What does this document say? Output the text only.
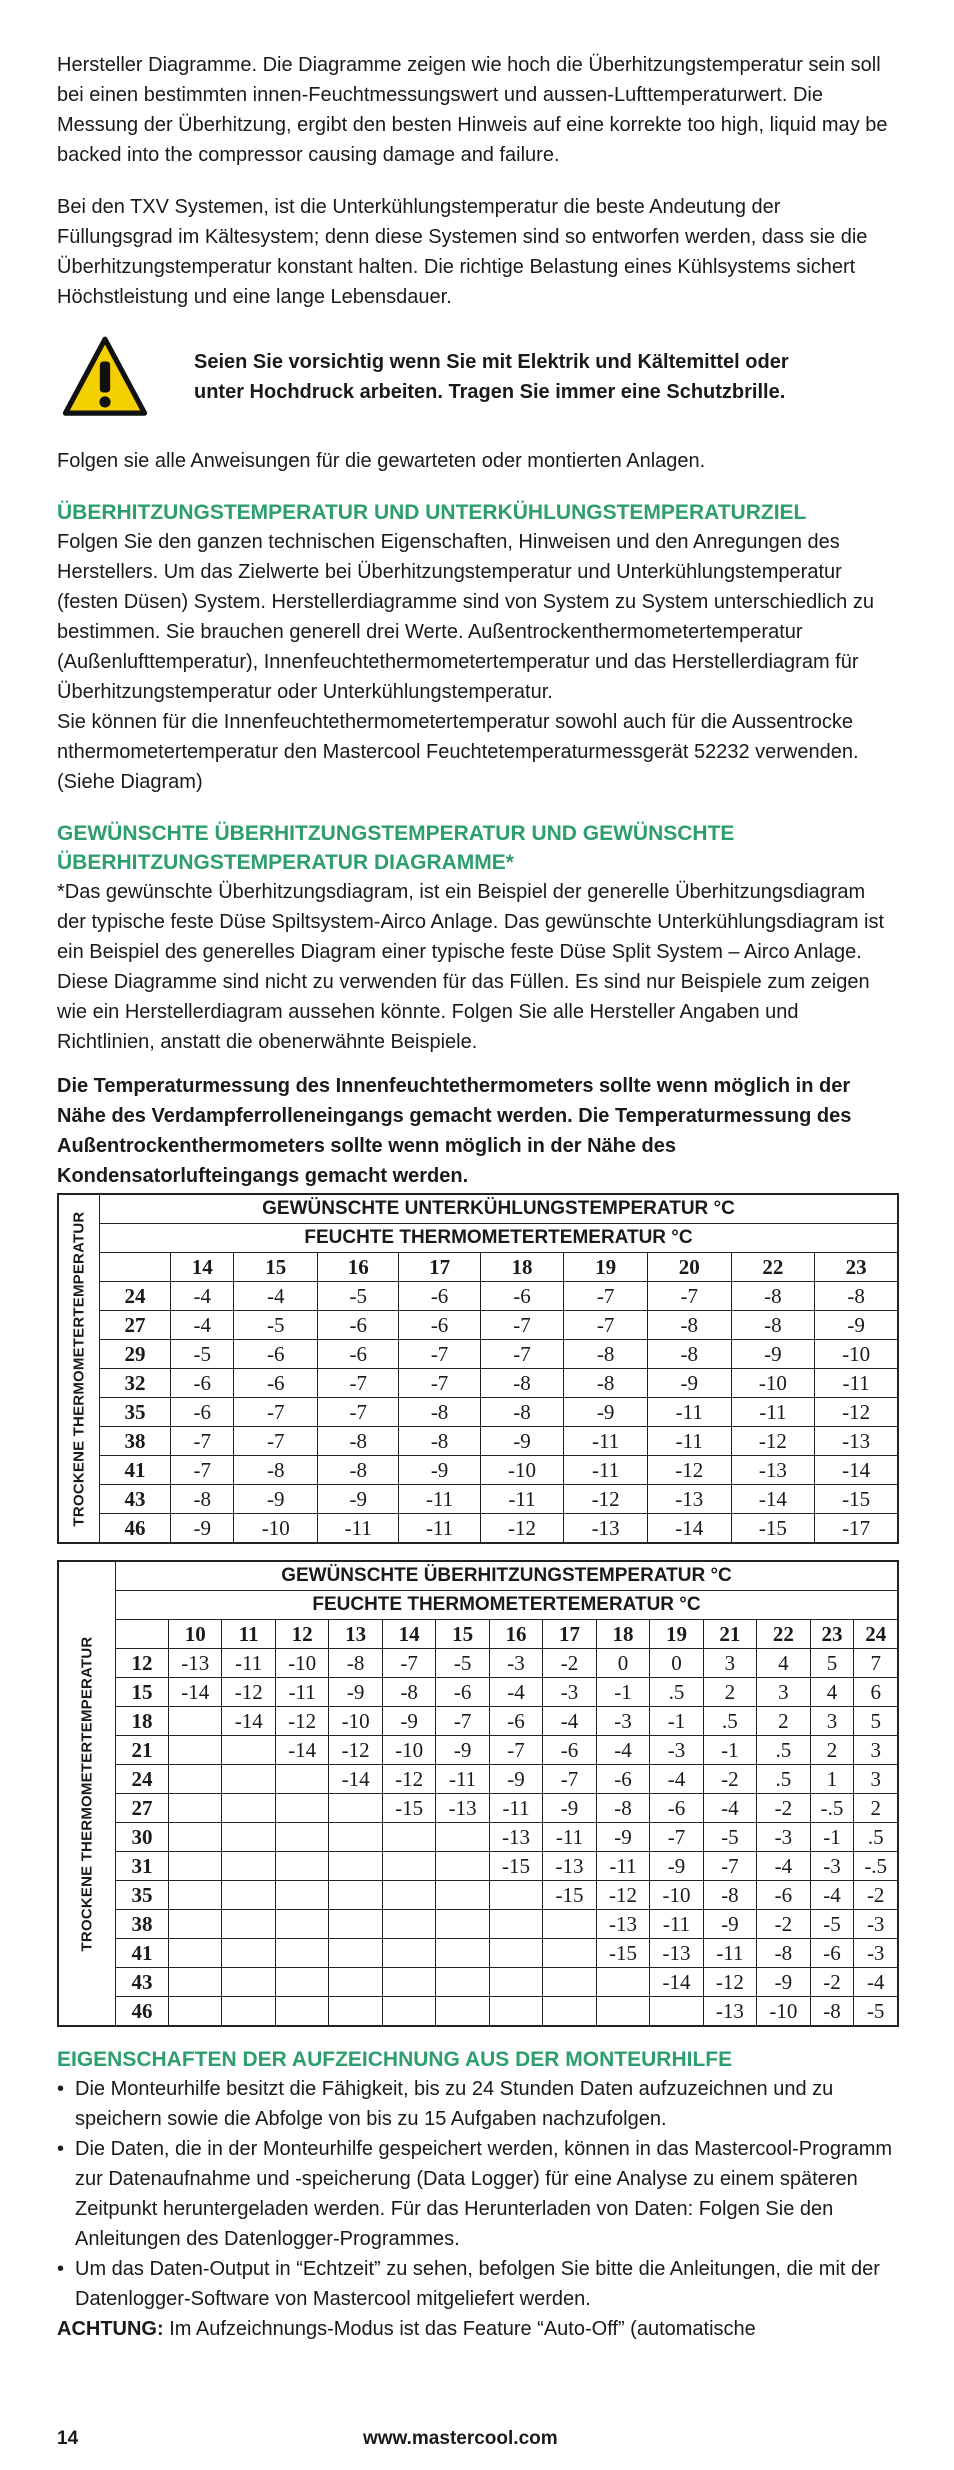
Hersteller Diagramme. Die Diagramme zeigen wie hoch die Überhitzungstemperatur sein soll bei einen bestimmten innen-Feuchtmessungswert und aussen-Lufttemperaturwert. Die Messung der Überhitzung, ergibt den besten Hinweis auf eine korrekte too high, liquid may be backed into the compressor causing damage and failure.

Bei den TXV Systemen, ist die Unterkühlungstemperatur die beste Andeutung der Füllungsgrad im Kältesystem; denn diese Systemen sind so entworfen werden, dass sie die Überhitzungstemperatur konstant halten. Die richtige Belastung eines Kühlsystems sichert Höchstleistung und eine lange Lebensdauer.

Seien Sie vorsichtig wenn Sie mit Elektrik und Kältemittel oder
unter Hochdruck arbeiten. Tragen Sie immer eine Schutzbrille.

Folgen sie alle Anweisungen für die gewarteten oder montierten Anlagen.

ÜBERHITZUNGSTEMPERATUR UND UNTERKÜHLUNGSTEMPERATURZIEL

Folgen Sie den ganzen technischen Eigenschaften, Hinweisen und den Anregungen des Herstellers. Um das Zielwerte bei Überhitzungstemperatur und Unterkühlungstemperatur (festen Düsen) System. Herstellerdiagramme sind von System zu System unterschiedlich zu bestimmen. Sie brauchen generell drei Werte. Außentrockenthermometertemperatur (Außenlufttemperatur), Innenfeuchtethermometertemperatur und das Herstellerdiagram für Überhitzungstemperatur oder Unterkühlungstemperatur.

Sie können für die Innenfeuchtethermometertemperatur sowohl auch für die Aussentrocke nthermometertemperatur den Mastercool Feuchtetemperaturmessgerät 52232 verwenden. (Siehe Diagram)

GEWÜNSCHTE ÜBERHITZUNGSTEMPERATUR UND GEWÜNSCHTE
ÜBERHITZUNGSTEMPERATUR DIAGRAMME*

*Das gewünschte Überhitzungsdiagram, ist ein Beispiel der generelle Überhitzungsdiagram der typische feste Düse Spiltsystem-Airco Anlage. Das gewünschte Unterkühlungsdiagram ist ein Beispiel des generelles Diagram einer typische feste Düse Split System – Airco Anlage. Diese Diagramme sind nicht zu verwenden für das Füllen. Es sind nur Beispiele zum zeigen wie ein Herstellerdiagram aussehen könnte. Folgen Sie alle Hersteller Angaben und Richtlinien, anstatt die obenerwähnte Beispiele.

Die Temperaturmessung des Innenfeuchtethermometers sollte wenn möglich in der Nähe des Verdampferrolleneingangs gemacht werden. Die Temperaturmessung des Außentrockenthermometers sollte wenn möglich in der Nähe des Kondensatorlufteingangs gemacht werden.

TROCKENE THERMOMETERTEMPERATUR
GEWÜNSCHTE UNTERKÜHLUNGSTEMPERATUR °C									
FEUCHTE THERMOMETERTEMERATUR °C									
	14	15	16	17	18	19	20	22	23
24	-4	-4	-5	-6	-6	-7	-7	-8	-8
27	-4	-5	-6	-6	-7	-7	-8	-8	-9
29	-5	-6	-6	-7	-7	-8	-8	-9	-10
32	-6	-6	-7	-7	-8	-8	-9	-10	-11
35	-6	-7	-7	-8	-8	-9	-11	-11	-12
38	-7	-7	-8	-8	-9	-11	-11	-12	-13
41	-7	-8	-8	-9	-10	-11	-12	-13	-14
43	-8	-9	-9	-11	-11	-12	-13	-14	-15
46	-9	-10	-11	-11	-12	-13	-14	-15	-17
TROCKENE THERMOMETERTEMPERATUR
GEWÜNSCHTE ÜBERHITZUNGSTEMPERATUR °C														
FEUCHTE THERMOMETERTEMERATUR °C														
	10	11	12	13	14	15	16	17	18	19	21	22	23	24
12	-13	-11	-10	-8	-7	-5	-3	-2	0	0	3	4	5	7
15	-14	-12	-11	-9	-8	-6	-4	-3	-1	.5	2	3	4	6
18		-14	-12	-10	-9	-7	-6	-4	-3	-1	.5	2	3	5
21			-14	-12	-10	-9	-7	-6	-4	-3	-1	.5	2	3
24				-14	-12	-11	-9	-7	-6	-4	-2	.5	1	3
27					-15	-13	-11	-9	-8	-6	-4	-2	-.5	2
30							-13	-11	-9	-7	-5	-3	-1	.5
31							-15	-13	-11	-9	-7	-4	-3	-.5
35								-15	-12	-10	-8	-6	-4	-2
38									-13	-11	-9	-2	-5	-3
41									-15	-13	-11	-8	-6	-3
43										-14	-12	-9	-2	-4
46											-13	-10	-8	-5
EIGENSCHAFTEN DER AUFZEICHNUNG AUS DER MONTEURHILFE
• Die Monteurhilfe besitzt die Fähigkeit, bis zu 24 Stunden Daten aufzuzeichnen und zu speichern sowie die Abfolge von bis zu 15 Aufgaben nachzufolgen.
• Die Daten, die in der Monteurhilfe gespeichert werden, können in das Mastercool-Programm zur Datenaufnahme und -speicherung (Data Logger) für eine Analyse zu einem späteren Zeitpunkt heruntergeladen werden. Für das Herunterladen von Daten: Folgen Sie den Anleitungen des Datenlogger-Programmes.
• Um das Daten-Output in “Echtzeit” zu sehen, befolgen Sie bitte die Anleitungen, die mit der Datenlogger-Software von Mastercool mitgeliefert werden.
ACHTUNG: Im Aufzeichnungs-Modus ist das Feature “Auto-Off” (automatische
14	www.mastercool.com
